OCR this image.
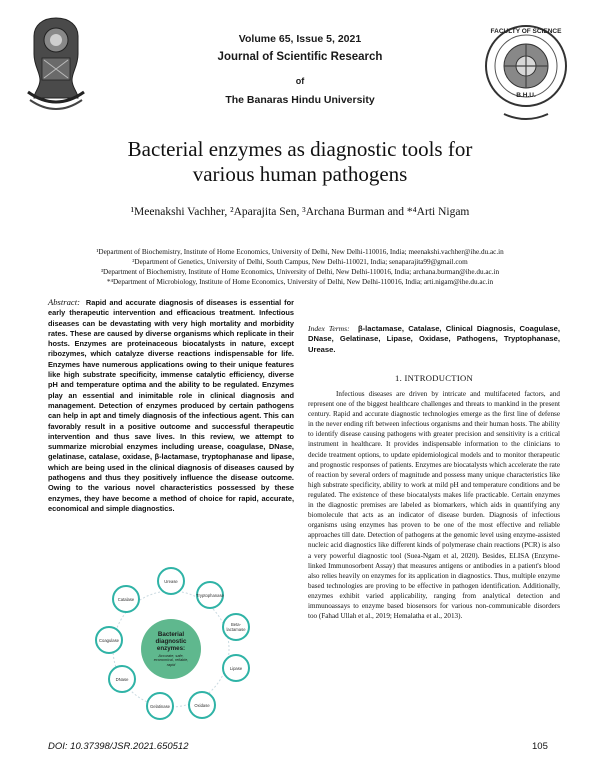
Volume 65, Issue 5, 2021
Journal of Scientific Research
of
The Banaras Hindu University
FACULTY OF SCIENCE
B.H.U.
Bacterial enzymes as diagnostic tools for
various human pathogens
¹Meenakshi Vachher, ²Aparajita Sen, ³Archana Burman and *⁴Arti Nigam
¹Department of Biochemistry, Institute of Home Economics, University of Delhi, New Delhi-110016, India; meenakshi.vachher@ihe.du.ac.in
²Department of Genetics, University of Delhi, South Campus, New Delhi-110021, India; senaparajita99@gmail.com
³Department of Biochemistry, Institute of Home Economics, University of Delhi, New Delhi-110016, India; archana.burman@ihe.du.ac.in
*⁴Department of Microbiology, Institute of Home Economics, University of Delhi, New Delhi-110016, India; arti.nigam@ihe.du.ac.in
Abstract: Rapid and accurate diagnosis of diseases is essential for early therapeutic intervention and efficacious treatment. Infectious diseases can be devastating with very high mortality and morbidity rates. These are caused by diverse organisms which replicate in their hosts. Enzymes are proteinaceous biocatalysts in nature, except ribozymes, which catalyze diverse reactions indispensable for life. Enzymes have numerous applications owing to their unique features like high substrate specificity, immense catalytic efficiency, diverse pH and temperature optima and the ability to be regulated. Enzymes play an essential and inimitable role in clinical diagnosis and management. Detection of enzymes produced by certain pathogens can help in apt and timely diagnosis of the infectious agent. This can favorably result in a positive outcome and successful therapeutic intervention and thus save lives. In this review, we attempt to summarize microbial enzymes including urease, coagulase, DNase, gelatinase, catalase, oxidase, β-lactamase, tryptophanase and lipase, which are being used in the clinical diagnosis of diseases caused by pathogens and thus they positively influence the disease outcome. Owing to the various novel characteristics possessed by these enzymes, they have become a method of choice for rapid, accurate, economical and simple diagnostics.
Bacterial diagnostic enzymes:
Accurate, safe, economical, reliable, rapid
Urease
Tryptophanase
Beta-lactamase
Lipase
Oxidase
Gelatinase
DNase
Coagulase
Catalase
Index Terms: β-lactamase, Catalase, Clinical Diagnosis, Coagulase, DNase, Gelatinase, Lipase, Oxidase, Pathogens, Tryptophanase, Urease.
1. INTRODUCTION
Infectious diseases are driven by intricate and multifaceted factors, and represent one of the biggest healthcare challenges and threats to mankind in the present century. Rapid and accurate diagnostic technologies emerge as the first line of defense in the never ending rift between infectious organisms and their human hosts. The ability to identify disease causing pathogens with greater precision and sensitivity is a critical instrument in healthcare. It provides indispensable information to the clinicians to decide treatment options, to update epidemiological models and to monitor therapeutic and prognostic responses of patients. Enzymes are biocatalysts which accelerate the rate of reaction by several orders of magnitude and possess many unique characteristics like high substrate specificity, ability to work at mild pH and temperature conditions and be regulated. The existence of these biocatalysts makes life practicable. Certain enzymes in the diagnostic premises are labeled as biomarkers, which aids in quantifying any biomolecule that acts as an indicator of disease burden. Diagnosis of infectious organisms using enzymes has proven to be one of the most effective and reliable approaches till date. Detection of pathogens at the genomic level using enzyme-assisted nucleic acid diagnostics like different kinds of polymerase chain reactions (PCR) is also a very powerful diagnostic tool (Suea-Ngam et al, 2020). Besides, ELISA (Enzyme-linked Immunosorbent Assay) that measures antigens or antibodies in a patient's blood also relies heavily on enzymes for its application in diagnostics. Thus, multiple enzyme based technologies are proving to be effective in pathogen identification. Additionally, enzymes exhibit varied applicability, ranging from analytical detection and immunoassays to enzyme based biosensors for various non-communicable disorders too (Fahad Ullah et al., 2019; Hemalatha et al., 2013).
DOI: 10.37398/JSR.2021.650512	105
